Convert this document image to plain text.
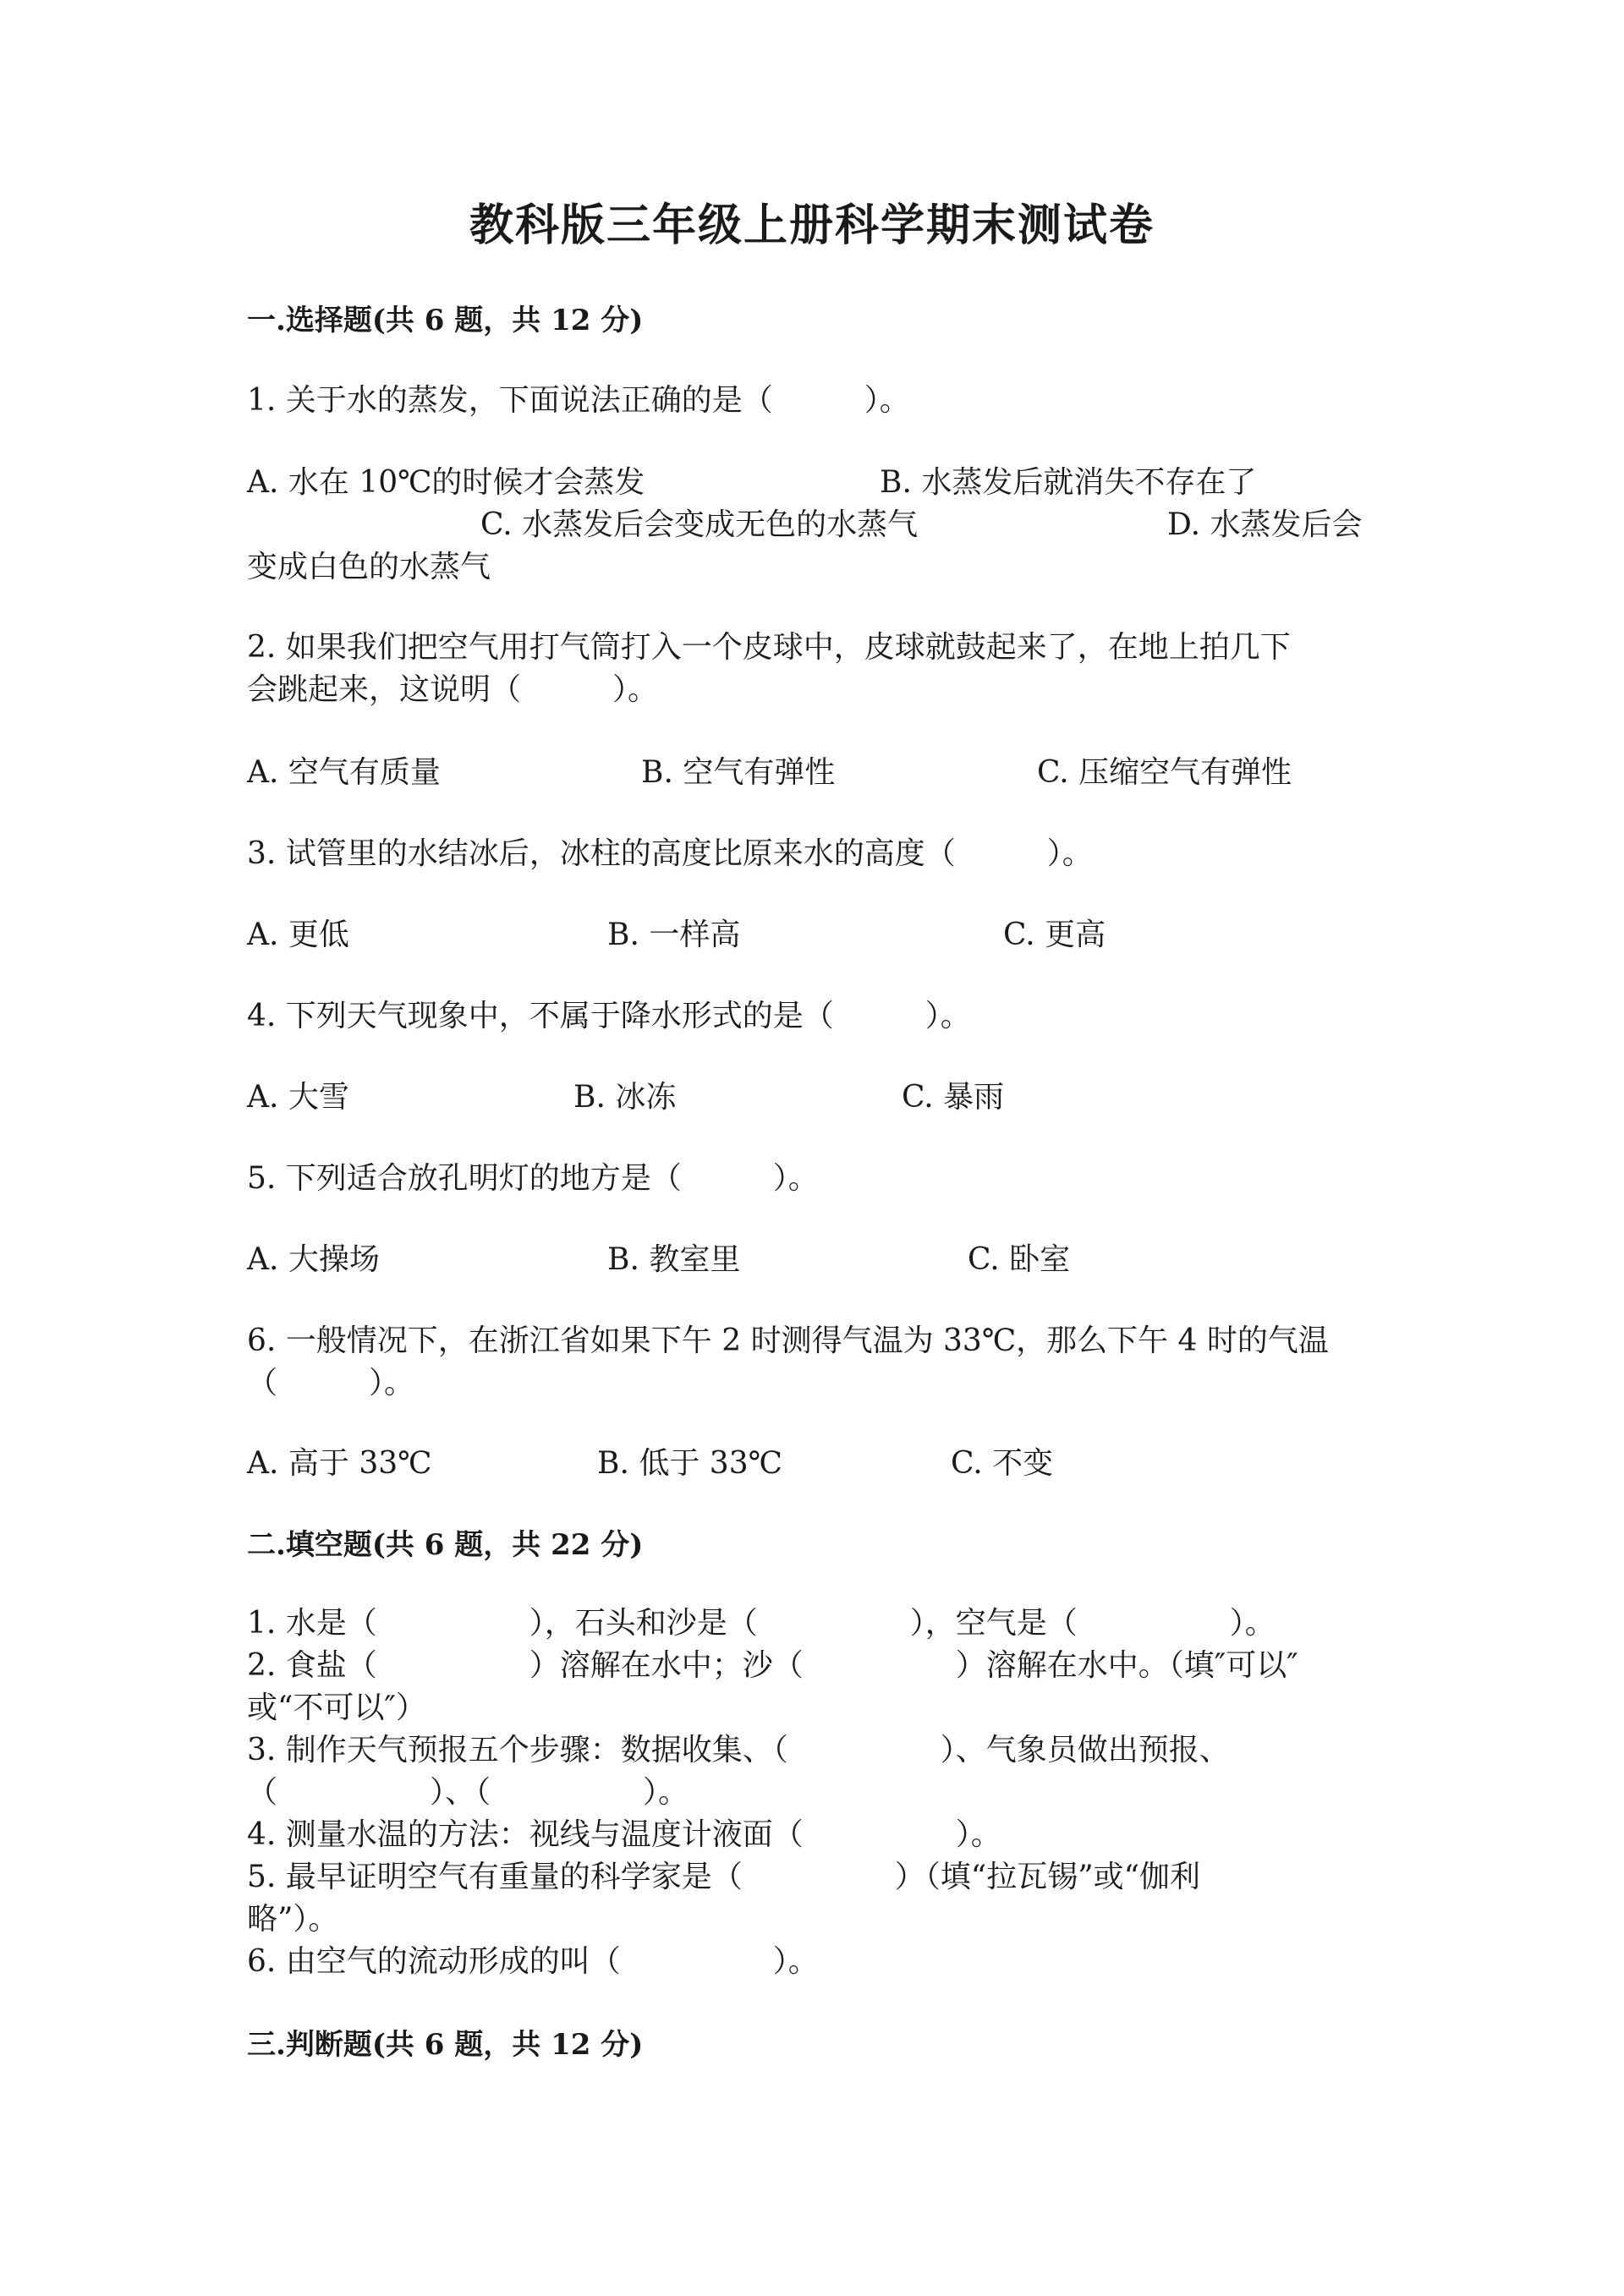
教科版三年级上册科学期末测试卷
一.选择题(共 6 题，共 12 分)
1. 关于水的蒸发，下面说法正确的是（　　　）。
A. 水在 10℃的时候才会蒸发	B. 水蒸发后就消失不存在了
C. 水蒸发后会变成无色的水蒸气	D. 水蒸发后会
变成白色的水蒸气
2. 如果我们把空气用打气筒打入一个皮球中，皮球就鼓起来了，在地上拍几下
会跳起来，这说明（　　　）。
A. 空气有质量	B. 空气有弹性	C. 压缩空气有弹性
3. 试管里的水结冰后，冰柱的高度比原来水的高度（　　　）。
A. 更低	B. 一样高	C. 更高
4. 下列天气现象中，不属于降水形式的是（　　　）。
A. 大雪	B. 冰冻	C. 暴雨
5. 下列适合放孔明灯的地方是（　　　）。
A. 大操场	B. 教室里	C. 卧室
6. 一般情况下，在浙江省如果下午 2 时测得气温为 33℃，那么下午 4 时的气温
（　　　）。
A. 高于 33℃	B. 低于 33℃	C. 不变
二.填空题(共 6 题，共 22 分)
1. 水是（　　　　　），石头和沙是（　　　　　），空气是（　　　　　）。
2. 食盐（　　　　　）溶解在水中；沙（　　　　　）溶解在水中。（填″可以″
或“不可以″）
3. 制作天气预报五个步骤：数据收集、（　　　　　）、气象员做出预报、
（　　　　　）、（　　　　　）。
4. 测量水温的方法：视线与温度计液面（　　　　　）。
5. 最早证明空气有重量的科学家是（　　　　　）（填“拉瓦锡”或“伽利
略”）。
6. 由空气的流动形成的叫（　　　　　）。
三.判断题(共 6 题，共 12 分)
